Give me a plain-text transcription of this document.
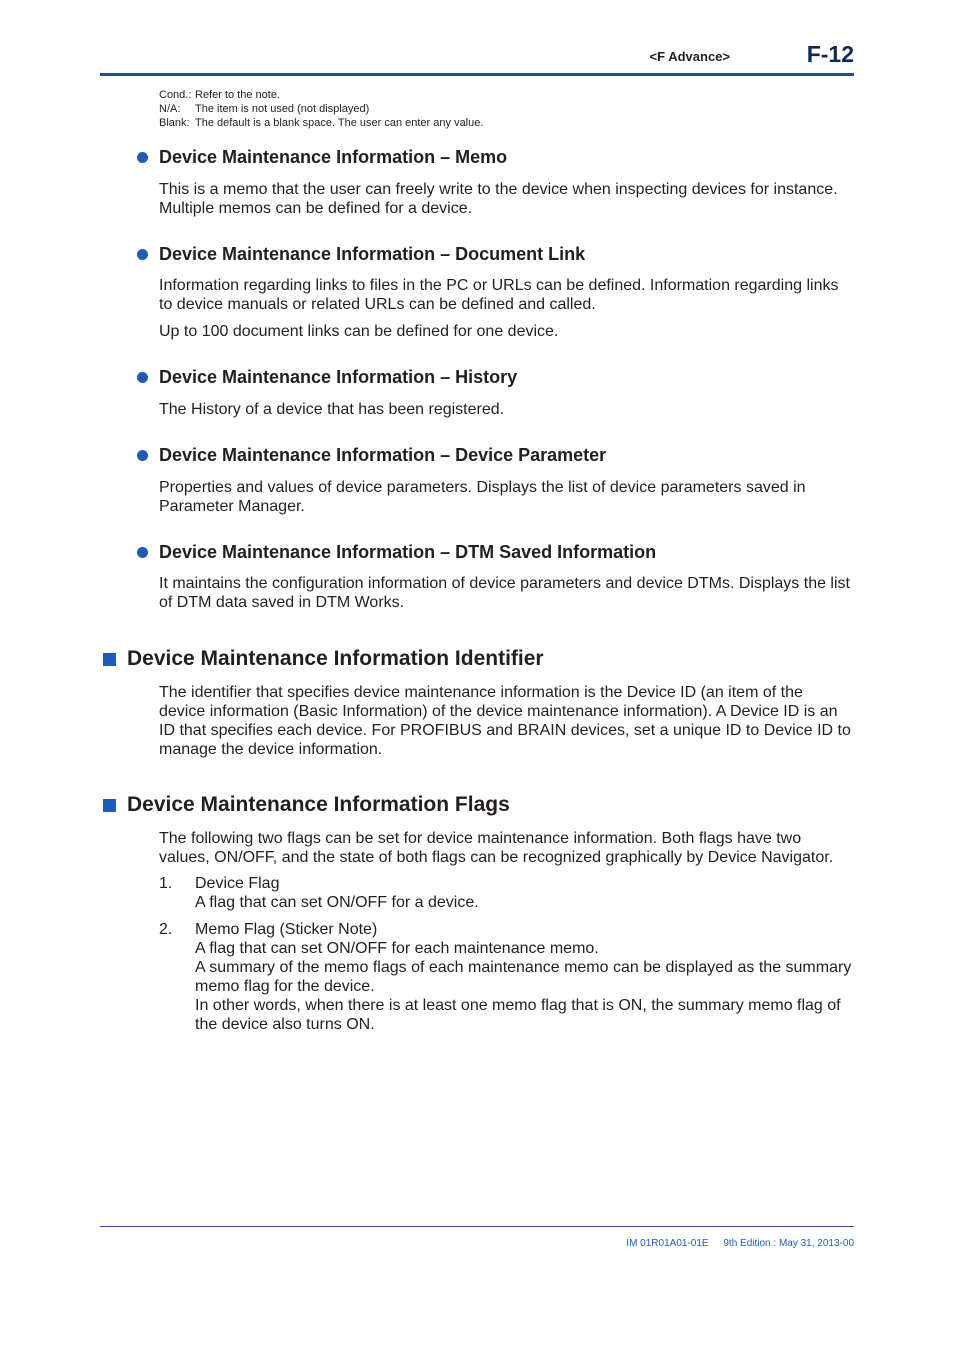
<F Advance>	F-12
Cond.: Refer to the note.
N/A:	The item is not used (not displayed)
Blank: The default is a blank space. The user can enter any value.
Device Maintenance Information – Memo
This is a memo that the user can freely write to the device when inspecting devices for instance. Multiple memos can be defined for a device.
Device Maintenance Information – Document Link
Information regarding links to files in the PC or URLs can be defined. Information regarding links to device manuals or related URLs can be defined and called.
Up to 100 document links can be defined for one device.
Device Maintenance Information – History
The History of a device that has been registered.
Device Maintenance Information – Device Parameter
Properties and values of device parameters. Displays the list of device parameters saved in Parameter Manager.
Device Maintenance Information – DTM Saved Information
It maintains the configuration information of device parameters and device DTMs. Displays the list of DTM data saved in DTM Works.
Device Maintenance Information Identifier
The identifier that specifies device maintenance information is the Device ID (an item of the device information (Basic Information) of the device maintenance information). A Device ID is an ID that specifies each device. For PROFIBUS and BRAIN devices, set a unique ID to Device ID to manage the device information.
Device Maintenance Information Flags
The following two flags can be set for device maintenance information. Both flags have two values, ON/OFF, and the state of both flags can be recognized graphically by Device Navigator.
1.	Device Flag
A flag that can set ON/OFF for a device.
2.	Memo Flag (Sticker Note)
A flag that can set ON/OFF for each maintenance memo.
A summary of the memo flags of each maintenance memo can be displayed as the summary memo flag for the device.
In other words, when there is at least one memo flag that is ON, the summary memo flag of the device also turns ON.
IM 01R01A01-01E 9th Edition : May 31, 2013-00
